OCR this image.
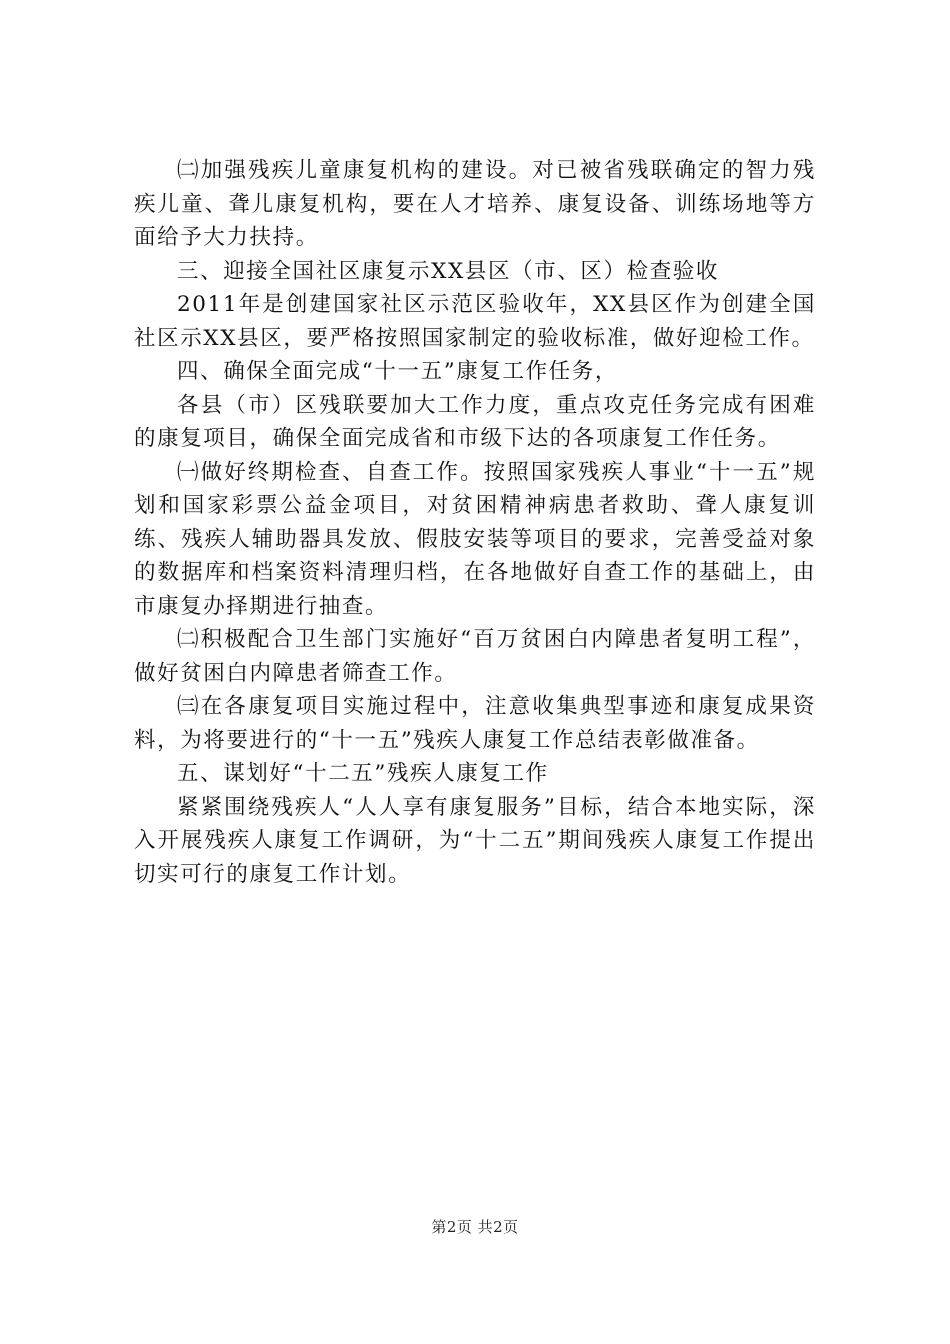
㈡加强残疾儿童康复机构的建设。对已被省残联确定的智力残疾儿童、聋儿康复机构，要在人才培养、康复设备、训练场地等方面给予大力扶持。

三、迎接全国社区康复示XX县区（市、区）检查验收

2011年是创建国家社区示范区验收年，XX县区作为创建全国社区示XX县区，要严格按照国家制定的验收标准，做好迎检工作。

四、确保全面完成“十一五”康复工作任务，

各县（市）区残联要加大工作力度，重点攻克任务完成有困难的康复项目，确保全面完成省和市级下达的各项康复工作任务。

㈠做好终期检查、自查工作。按照国家残疾人事业“十一五”规划和国家彩票公益金项目，对贫困精神病患者救助、聋人康复训练、残疾人辅助器具发放、假肢安装等项目的要求，完善受益对象的数据库和档案资料清理归档，在各地做好自查工作的基础上，由市康复办择期进行抽查。

㈡积极配合卫生部门实施好“百万贫困白内障患者复明工程”，做好贫困白内障患者筛查工作。

㈢在各康复项目实施过程中，注意收集典型事迹和康复成果资料，为将要进行的“十一五”残疾人康复工作总结表彰做准备。

五、谋划好“十二五”残疾人康复工作

紧紧围绕残疾人“人人享有康复服务”目标，结合本地实际，深入开展残疾人康复工作调研，为“十二五”期间残疾人康复工作提出切实可行的康复工作计划。

第2页 共2页
